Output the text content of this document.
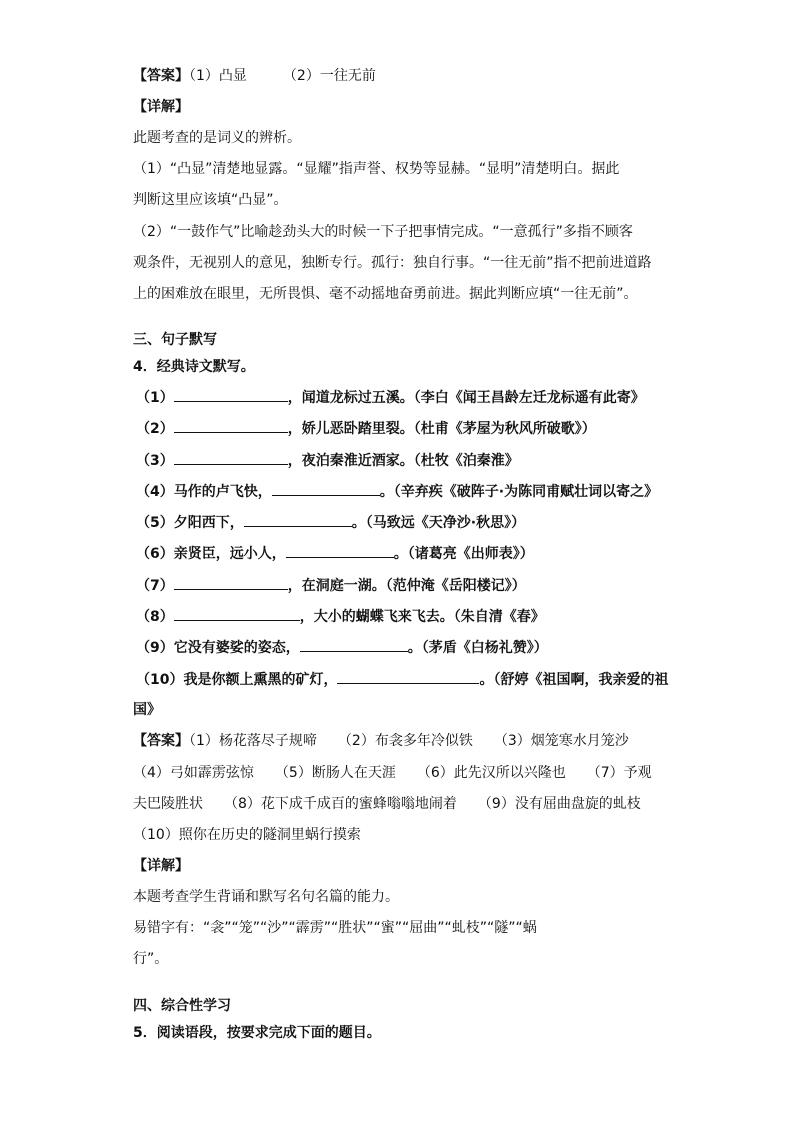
【答案】（1）凸显	（2）一往无前
【详解】
此题考查的是词义的辨析。
（1）“凸显”清楚地显露。“显耀”指声誉、权势等显赫。“显明”清楚明白。据此
判断这里应该填“凸显”。
（2）“一鼓作气”比喻趁劲头大的时候一下子把事情完成。“一意孤行”多指不顾客
观条件，无视别人的意见，独断专行。孤行：独自行事。“一往无前”指不把前进道路
上的困难放在眼里，无所畏惧、毫不动摇地奋勇前进。据此判断应填“一往无前”。
三、句子默写
4．经典诗文默写。
（1）	，闻道龙标过五溪。（李白《闻王昌龄左迁龙标遥有此寄》
（2）	，娇儿恶卧踏里裂。（杜甫《茅屋为秋风所破歌》）
（3）	，夜泊秦淮近酒家。（杜牧《泊秦淮》
（4）马作的卢飞快，	。（辛弃疾《破阵子·为陈同甫赋壮词以寄之》
（5）夕阳西下，	。（马致远《天净沙·秋思》）
（6）亲贤臣，远小人，	。（诸葛亮《出师表》）
（7）	，在洞庭一湖。（范仲淹《岳阳楼记》）
（8）	，大小的蝴蝶飞来飞去。（朱自清《春》
（9）它没有婆娑的姿态，	。（茅盾《白杨礼赞》）
（10）我是你额上熏黑的矿灯，	。（舒婷《祖国啊，我亲爱的祖
国》
【答案】（1）杨花落尽子规啼　　（2）布衾多年冷似铁　　（3）烟笼寒水月笼沙
（4）弓如霹雳弦惊　　（5）断肠人在天涯　　（6）此先汉所以兴隆也　　（7）予观
夫巴陵胜状　　（8）花下成千成百的蜜蜂嗡嗡地闹着　　（9）没有屈曲盘旋的虬枝
（10）照你在历史的隧洞里蜗行摸索
【详解】
本题考查学生背诵和默写名句名篇的能力。
易错字有：“衾”“笼”“沙”“霹雳”“胜状”“蜜”“屈曲”“虬枝”“隧”“蜗
行”。
四、综合性学习
5．阅读语段，按要求完成下面的题目。
